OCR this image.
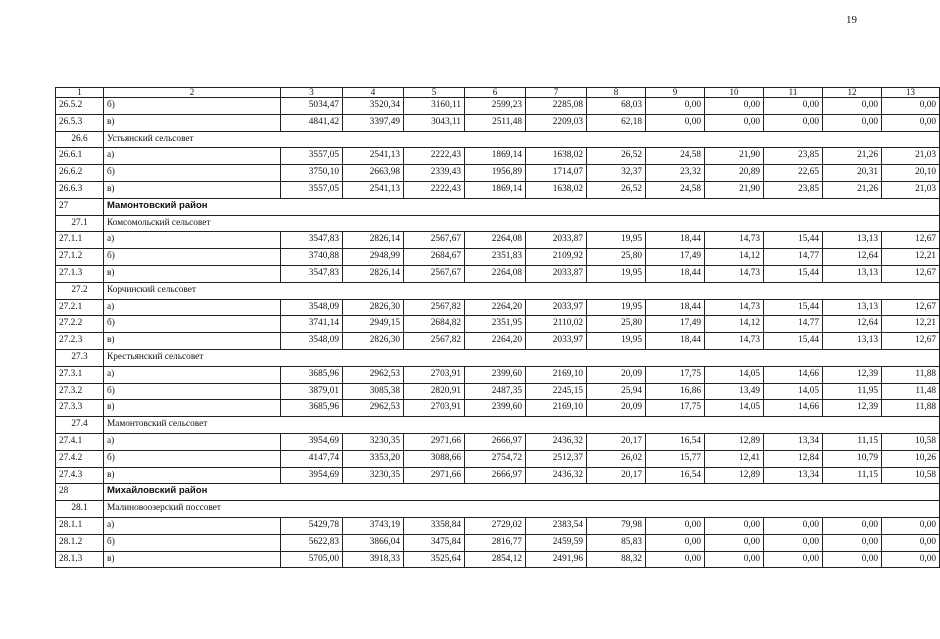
19
1	2	3	4	5	6	7	8	9	10	11	12	13
26.5.2	б)	5034,47	3520,34	3160,11	2599,23	2285,08	68,03	0,00	0,00	0,00	0,00	0,00
26.5.3	в)	4841,42	3397,49	3043,11	2511,48	2209,03	62,18	0,00	0,00	0,00	0,00	0,00
26.6	Устьянский сельсовет											
26.6.1	а)	3557,05	2541,13	2222,43	1869,14	1638,02	26,52	24,58	21,90	23,85	21,26	21,03
26.6.2	б)	3750,10	2663,98	2339,43	1956,89	1714,07	32,37	23,32	20,89	22,65	20,31	20,10
26.6.3	в)	3557,05	2541,13	2222,43	1869,14	1638,02	26,52	24,58	21,90	23,85	21,26	21,03
27	Мамонтовский район											
27.1	Комсомольский сельсовет											
27.1.1	а)	3547,83	2826,14	2567,67	2264,08	2033,87	19,95	18,44	14,73	15,44	13,13	12,67
27.1.2	б)	3740,88	2948,99	2684,67	2351,83	2109,92	25,80	17,49	14,12	14,77	12,64	12,21
27.1.3	в)	3547,83	2826,14	2567,67	2264,08	2033,87	19,95	18,44	14,73	15,44	13,13	12,67
27.2	Корчинский сельсовет											
27.2.1	а)	3548,09	2826,30	2567,82	2264,20	2033,97	19,95	18,44	14,73	15,44	13,13	12,67
27.2.2	б)	3741,14	2949,15	2684,82	2351,95	2110,02	25,80	17,49	14,12	14,77	12,64	12,21
27.2.3	в)	3548,09	2826,30	2567,82	2264,20	2033,97	19,95	18,44	14,73	15,44	13,13	12,67
27.3	Крестьянский сельсовет											
27.3.1	а)	3685,96	2962,53	2703,91	2399,60	2169,10	20,09	17,75	14,05	14,66	12,39	11,88
27.3.2	б)	3879,01	3085,38	2820,91	2487,35	2245,15	25,94	16,86	13,49	14,05	11,95	11,48
27.3.3	в)	3685,96	2962,53	2703,91	2399,60	2169,10	20,09	17,75	14,05	14,66	12,39	11,88
27.4	Мамонтовский сельсовет											
27.4.1	а)	3954,69	3230,35	2971,66	2666,97	2436,32	20,17	16,54	12,89	13,34	11,15	10,58
27.4.2	б)	4147,74	3353,20	3088,66	2754,72	2512,37	26,02	15,77	12,41	12,84	10,79	10,26
27.4.3	в)	3954,69	3230,35	2971,66	2666,97	2436,32	20,17	16,54	12,89	13,34	11,15	10,58
28	Михайловский район											
28.1	Малиновоозерский поссовет											
28.1.1	а)	5429,78	3743,19	3358,84	2729,02	2383,54	79,98	0,00	0,00	0,00	0,00	0,00
28.1.2	б)	5622,83	3866,04	3475,84	2816,77	2459,59	85,83	0,00	0,00	0,00	0,00	0,00
28.1.3	в)	5705,00	3918,33	3525,64	2854,12	2491,96	88,32	0,00	0,00	0,00	0,00	0,00
